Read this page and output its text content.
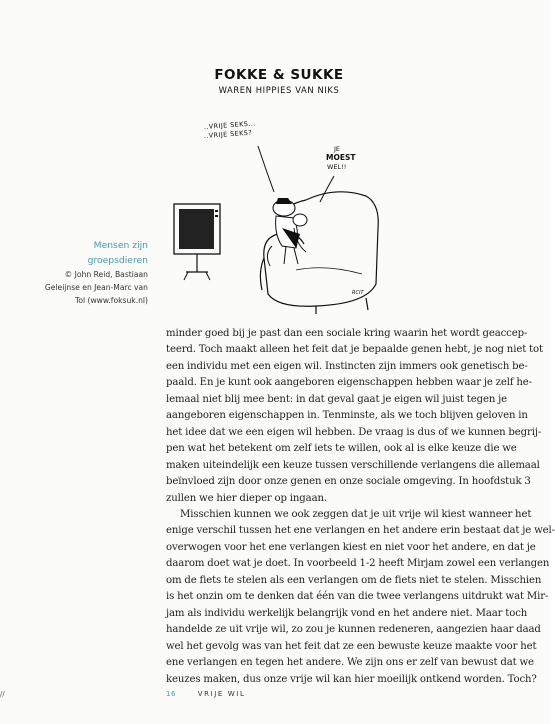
FOKKE & SUKKE
WAREN HIPPIES VAN NIKS
..VRIJE SEKS...
..VRIJE SEKS?
JE
MOEST
WEL!!
RCIT
Mensen zijn
groepsdieren
© John Reid, Bastiaan
Geleijnse en Jean-Marc van
Tol (www.foksuk.nl)

minder goed bij je past dan een sociale kring waarin het wordt geaccep-
teerd. Toch maakt alleen het feit dat je bepaalde genen hebt, je nog niet tot
een individu met een eigen wil. Instincten zijn immers ook genetisch be-
paald. En je kunt ook aangeboren eigenschappen hebben waar je zelf he-
lemaal niet blij mee bent: in dat geval gaat je eigen wil juist tegen je
aangeboren eigenschappen in. Tenminste, als we toch blijven geloven in
het idee dat we een eigen wil hebben. De vraag is dus of we kunnen begrij-
pen wat het betekent om zelf iets te willen, ook al is elke keuze die we
maken uiteindelijk een keuze tussen verschillende verlangens die allemaal
beïnvloed zijn door onze genen en onze sociale omgeving. In hoofdstuk 3
zullen we hier dieper op ingaan.

Misschien kunnen we ook zeggen dat je uit vrije wil kiest wanneer het
enige verschil tussen het ene verlangen en het andere erin bestaat dat je wel-
overwogen voor het ene verlangen kiest en niet voor het andere, en dat je
daarom doet wat je doet. In voorbeeld 1-2 heeft Mirjam zowel een verlangen
om de fiets te stelen als een verlangen om de fiets niet te stelen. Misschien
is het onzin om te denken dat één van die twee verlangens uitdrukt wat Mir-
jam als individu werkelijk belangrijk vond en het andere niet. Maar toch
handelde ze uit vrije wil, zo zou je kunnen redeneren, aangezien haar daad
wel het gevolg was van het feit dat ze een bewuste keuze maakte voor het
ene verlangen en tegen het andere. We zijn ons er zelf van bewust dat we
keuzes maken, dus onze vrije wil kan hier moeilijk ontkend worden. Toch?

//	16	VRIJE WIL
